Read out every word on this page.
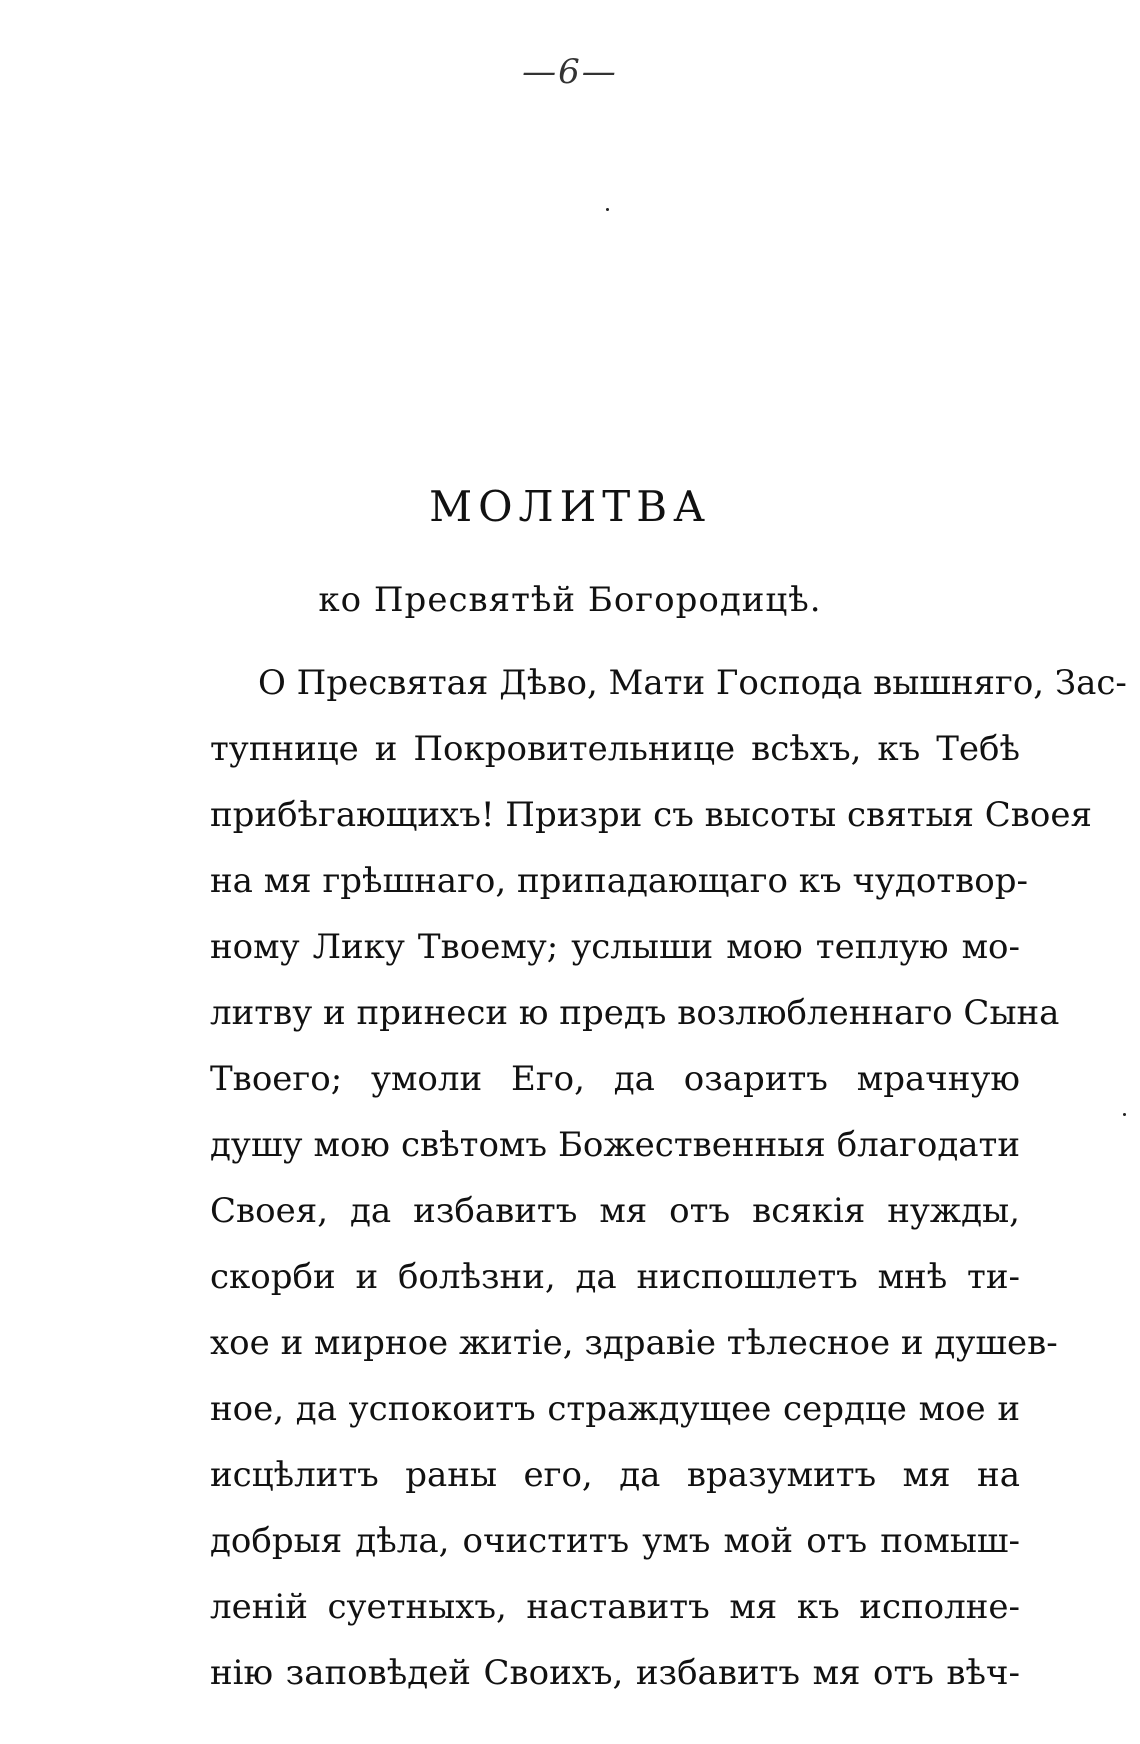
—6—
МОЛИТВА
ко Пресвятѣй Богородицѣ.
О Пресвятая Дѣво, Мати Господа вышняго, Зас-
тупнице и Покровительнице всѣхъ, къ Тебѣ
прибѣгающихъ! Призри съ высоты святыя Своея
на мя грѣшнаго, припадающаго къ чудотвор-
ному Лику Твоему; услыши мою теплую мо-
литву и принеси ю предъ возлюбленнаго Сына
Твоего; умоли Его, да озаритъ мрачную
душу мою свѣтомъ Божественныя благодати
Своея, да избавитъ мя отъ всякія нужды,
скорби и болѣзни, да ниспошлетъ мнѣ ти-
хое и мирное житіе, здравіе тѣлесное и душев-
ное, да успокоитъ страждущее сердце мое и
исцѣлитъ раны его, да вразумитъ мя на
добрыя дѣла, очиститъ умъ мой отъ помыш-
леній суетныхъ, наставитъ мя къ исполне-
нію заповѣдей Своихъ, избавитъ мя отъ вѣч-
